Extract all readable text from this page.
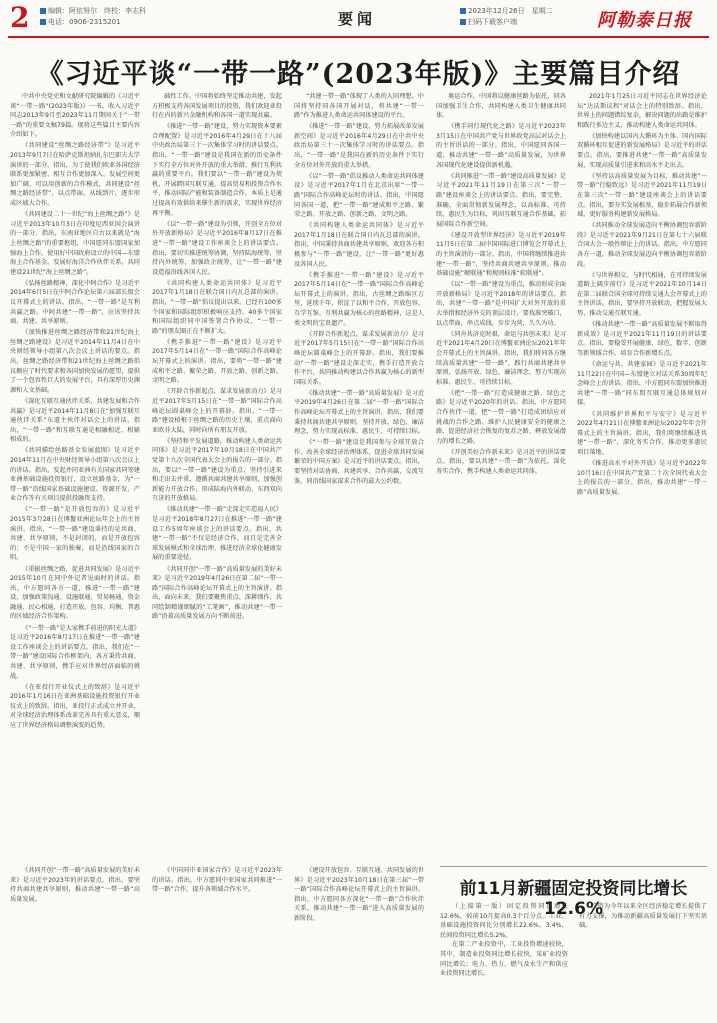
2	编辑：阿依努尔　终校：李志科
电话：0906-2315201	要闻	2023年12月26日　星期二
扫码下载客户端	阿勒泰日报
《习近平谈“一带一路”(2023年版)》主要篇目介绍

中共中央党史和文献研究院编辑的《习近平谈“一带一路”(2023年版)》一书，收入习近平同志2013年9月至2023年11月期间关于“一带一路”的重要文稿79篇。现将这些篇目主要内容介绍如下。

《共同建设“丝绸之路经济带”》是习近平2013年9月7日在哈萨克斯坦纳扎尔巴耶夫大学演讲的一部分。指出，为了使我们欧亚各国经济联系更加紧密、相互合作更加深入、发展空间更加广阔，可以用创新的合作模式，共同建设“丝绸之路经济带”，以点带面，从线到片，逐步形成区域大合作。

《共同建设二十一世纪“海上丝绸之路”》是习近平2013年10月3日在印度尼西亚国会演讲的一部分。指出，东南亚地区自古以来就是“海上丝绸之路”的重要枢纽，中国愿同东盟国家加强海上合作，使用好中国政府设立的中国—东盟海上合作基金，发展好海洋合作伙伴关系，共同建设21世纪“海上丝绸之路”。

《弘扬丝路精神，深化中阿合作》是习近平2014年6月5日在中阿合作论坛第六届部长级会议开幕式上的讲话。指出，“一带一路”是互利共赢之路。中阿共建“一带一路”，应该坚持共商、共建、共享原则。

《加快推进丝绸之路经济带和21世纪海上丝绸之路建设》是习近平2014年11月4日在中央财经领导小组第八次会议上讲话的要点。指出，丝绸之路经济带和21世纪海上丝绸之路倡议顺应了时代要求和各国加快发展的愿望，提供了一个包容性巨大的发展平台，具有深厚历史渊源和人文基础。

《深化互联互通伙伴关系，共建发展和合作共赢》是习近平2014年11月8日在“加强互联互通伙伴关系”东道主伙伴对话会上的讲话。指出，“一带一路”和互联互通是相融相近、相辅相成的。

《共同描绘丝路基金发展蓝图》是习近平2014年11月在中央财经领导小组第八次会议上的讲话。指出，发起并同亚洲有关国家共同筹建亚洲基础设施投资银行，设立丝路基金，为“一带一路”沿线国家基础设施建设、资源开发、产业合作等有关项目提供投融资支持。

《“一带一路”是开放包容的》是习近平2015年3月28日在博鳌亚洲论坛年会上的主旨演讲。指出，“一带一路”建设秉持的是共商、共建、共享原则，不是封闭的，而是开放包容的；不是中国一家的独奏，而是沿线国家的合唱。

《重振丝绸之路，促进共同发展》是习近平2015年10月在同中外记者见面时的讲话。指出，中方愿同各方一道，推进“一带一路”建设，加强政策沟通、设施联通、贸易畅通、资金融通、民心相通，打造开放、包容、均衡、普惠的区域经济合作架构。

《“一带一路”是大家携手前进的阳光大道》是习近平2016年8月17日在推进“一带一路”建设工作座谈会上的讲话要点。指出，我们在“一带一路”建设国际合作框架内，各方秉持共商、共建、共享原则，携手应对世界经济面临的挑战。

《在亚投行开业仪式上的致辞》是习近平2016年1月16日在亚洲基础设施投资银行开业仪式上的致辞。指出，亚投行正式成立并开业，对全球经济治理体系改革完善具有重大意义，顺应了世界经济格局调整演变的趋势。

础性工作。中国将始终坚定推动共建，发起方积极支持各国发展项目的投资，我们欢迎亚投行在内的新兴金融机构和各国一道实现共赢。

《推进“一带一路”建设，努力实现资本要素合理配置》是习近平2016年4月29日在十八届中央政治局第三十一次集体学习时的讲话要点。指出，“一带一路”建设是我国在新的历史条件下实行全方位对外开放的重大举措、推行互利共赢的重要平台。我们要以“一带一路”建设为契机，开展跨国互联互通，提高贸易和投资合作水平，推动国际产能和装备制造合作，本质上是通过提高有效供给来催生新的需求，实现世界经济再平衡。

《以“一带一路”建设为引领，开创全方位对外开放新格局》是习近平2016年8月17日在推进“一带一路”建设工作座谈会上的讲话要点。指出，要切实推进统筹协调，坚持陆海统筹，坚持内外统筹，加强政企统筹，让“一带一路”建设造福沿线各国人民。

《共同构建人类命运共同体》是习近平2017年1月18日在联合国日内瓦总部的演讲。指出，“一带一路”倡议提出以来，已经有100多个国家和国际组织积极响应支持，40多个国家和国际组织同中国签署合作协议，“一带一路”的朋友圈正在不断扩大。

《携手推进“一带一路”建设》是习近平2017年5月14日在“一带一路”国际合作高峰论坛开幕式上的演讲。指出，要将“一带一路”建成和平之路、繁荣之路、开放之路、创新之路、文明之路。

《开辟合作新起点，谋求发展新动力》是习近平2017年5月15日在“一带一路”国际合作高峰论坛圆桌峰会上的开幕辞。指出，“一带一路”建设植根于丝绸之路的历史土壤，重点面向亚欧非大陆，同时向所有朋友开放。

《坚持和平发展道路，推动构建人类命运共同体》是习近平2017年10月18日在中国共产党第十九次全国代表大会上的报告的一部分。指出，要以“一带一路”建设为重点，坚持引进来和走出去并重，遵循共商共建共享原则，加强创新能力开放合作，形成陆海内外联动、东西双向互济的开放格局。

《推动共建“一带一路”走深走实造福人民》是习近平2018年8月27日在推进“一带一路”建设工作5周年座谈会上的讲话要点。指出，共建“一带一路”不仅是经济合作，而且是完善全球发展模式和全球治理、推进经济全球化健康发展的重要途径。

《共同开创“一带一路”高质量发展的美好未来》是习近平2019年4月26日在第二届“一带一路”国际合作高峰论坛开幕式上的主旨演讲。指出，面向未来，我们要聚焦重点、深耕细作，共同绘制精谨细腻的“工笔画”，推动共建“一带一路”沿着高质量发展方向不断前进。

“共建一带一路”体现了人类的大同理想。中国将坚持同各国开展对话，将共建“一带一路”作为推进人类命运共同体建设的平台。

《推进“一带一路”建设，努力拓展改革发展新空间》是习近平2016年4月29日在中共中央政治局第三十一次集体学习时的讲话要点。指出，“一带一路”是我国在新的历史条件下实行全方位对外开放的重大举措。

《以“一带一路”倡议推动人类命运共同体建设》是习近平2017年1月在北京出席“一带一路”国际合作高峰论坛时的讲话。指出，中国愿同各国一道，把“一带一路”建成和平之路、繁荣之路、开放之路、创新之路、文明之路。

《共同构建人类命运共同体》是习近平2017年1月18日在联合国日内瓦总部的演讲。指出，中国秉持共商共建共享原则，欢迎各方积极参与“一带一路”建设，让“一带一路”更好惠及各国人民。

《携手推进“一带一路”建设》是习近平2017年5月14日在“一带一路”国际合作高峰论坛开幕式上的演讲。指出，古丝绸之路绵亘万里，延续千年，积淀了以和平合作、开放包容、互学互鉴、互利共赢为核心的丝路精神，这是人类文明的宝贵遗产。

《开辟合作新起点，谋求发展新动力》是习近平2017年5月15日在“一带一路”国际合作高峰论坛圆桌峰会上的开幕辞。指出，我们要推动“一带一路”建设走深走实，携手打造开放合作平台，共同推动构建以合作共赢为核心的新型国际关系。

《推动共建“一带一路”高质量发展》是习近平2019年4月26日在第二届“一带一路”国际合作高峰论坛开幕式上的主旨演讲。指出，我们要秉持共商共建共享原则，坚持开放、绿色、廉洁理念，努力实现高标准、惠民生、可持续目标。

《“一带一路”建设是我国参与全球开放合作、改善全球经济治理体系、促进全球共同发展繁荣的中国方案》是习近平的讲话要点。指出，要坚持对话协商、共建共享、合作共赢、交流互鉴，同沿线国家谋求合作的最大公约数。

奥运合作，中国将以健康丝路为依托，同各国加强卫生合作，共同构建人类卫生健康共同体。

《携手同行现代化之路》是习近平2023年3月15日在中国共产党与世界政党高层对话会上的主旨讲话的一部分。指出，中国愿同各国一道，推动共建“一带一路”高质量发展，为世界各国现代化建设提供新机遇。

《共同推进“一带一路”建设高质量发展》是习近平2021年11月19日在第三次“一带一路”建设座谈会上的讲话要点。指出，要完整、准确、全面贯彻新发展理念，以高标准、可持续、惠民生为目标，巩固互联互通合作基础，拓展国际合作新空间。

《建设开放型世界经济》是习近平2019年11月5日在第二届中国国际进口博览会开幕式上的主旨演讲的一部分。指出，中国将继续推进共建“一带一路”，坚持共商共建共享原则，推动基础设施“硬联通”和规则标准“软联通”。

《以“一带一路”建设为重点，推动形成全面开放新格局》是习近平2018年的讲话要点。指出，共建“一带一路”是中国扩大对外开放的重大举措和经济外交的顶层设计，要找准突破口，以点带面，串点成线，步步为营，久久为功。

《同舟共济克时艰，命运与共创未来》是习近平2021年4月20日在博鳌亚洲论坛2021年年会开幕式上的主旨演讲。指出，我们将同各方继续高质量共建“一带一路”，践行共商共建共享原则，弘扬开放、绿色、廉洁理念，努力实现高标准、惠民生、可持续目标。

《把“一带一路”打造成健康之路、绿色之路》是习近平2020年的讲话。指出，中方愿同合作伙伴一道，把“一带一路”打造成团结应对挑战的合作之路、维护人民健康安全的健康之路、促进经济社会恢复的复苏之路、释放发展潜力的增长之路。

《开创美好合作新未来》是习近平的讲话要点。指出，要以共建“一带一路”为依托，深化务实合作，携手构建人类命运共同体。

2021年1月25日习近平同志在世界经济论坛“达沃斯议程”对话会上的特别致辞。指出，世界上的问题错综复杂，解决问题的出路是维护和践行多边主义，推动构建人类命运共同体。

《加快构建以国内大循环为主体、国内国际双循环相互促进的新发展格局》是习近平的讲话要点。指出，要推进共建“一带一路”高质量发展，实现高质量引进来和高水平走出去。

《坚持以高质量发展为目标，推动共建“一带一路”行稳致远》是习近平2021年11月19日在第三次“一带一路”建设座谈会上的讲话要点。指出，要夯实发展根基，稳步拓展合作新领域，更好服务构建新发展格局。

《共同推动全球发展迈向平衡协调包容新阶段》是习近平2021年9月21日在第七十六届联合国大会一般性辩论上的讲话。指出，中方愿同各方一道，推动全球发展迈向平衡协调包容新阶段。

《与世界相交，与时代相通，在可持续发展道路上阔步前行》是习近平2021年10月14日在第二届联合国全球可持续交通大会开幕式上的主旨讲话。指出，要坚持开放联动，把握发展大势，推动交通互联互通。

《推动共建“一带一路”高质量发展不断取得新成效》是习近平2021年11月19日的讲话要点。指出，要稳妥开展健康、绿色、数字、创新等新领域合作，培育合作新增长点。

《命运与共，共建家园》是习近平2021年11月22日在中国—东盟建立对话关系30周年纪念峰会上的讲话。指出，中方愿同东盟加快推进共建“一带一路”同东盟互联互通总体规划对接。

《共同维护世界和平与安宁》是习近平2022年4月21日在博鳌亚洲论坛2022年年会开幕式上的主旨演讲。指出，我们将继续推进共建“一带一路”，深化务实合作，推动更多惠民项目落地。

《推进高水平对外开放》是习近平2022年10月16日在中国共产党第二十次全国代表大会上的报告的一部分。指出，推动共建“一带一路”高质量发展。

《共同开创“一带一路”高质量发展的美好未来》是习近平2023年的讲话要点。指出，要坚持共商共建共享原则，推动共建“一带一路”高质量发展。

《中国同中亚国家合作》是习近平2023年的讲话。指出，中方愿同中亚国家共同推进“一带一路”合作，提升各领域合作水平。

《建设开放包容、互联互通、共同发展的世界》是习近平2023年10月18日在第三届“一带一路”国际合作高峰论坛开幕式上的主旨演讲。指出，中方愿同各方深化“一带一路”合作伙伴关系，推动共建“一带一路”进入高质量发展的新阶段。

前11月新疆固定投资同比增长12.6%

（上接第一版）固定投资同比增长12.6%，较前10月提高0.3个百分点。工业、基础设施投资同比分别增长22.6%、3.4%，民间投资同比增长5.2%。

在第二产业投资中，工业投资增速较快，其中，制造业投资同比增长较快，采矿业投资同比增长；电力、热力、燃气及水生产和供应业投资同比增长。

投资为今年以来全区经济稳定增长提供了有力支撑，为推动新疆高质量发展打下坚实基础。
